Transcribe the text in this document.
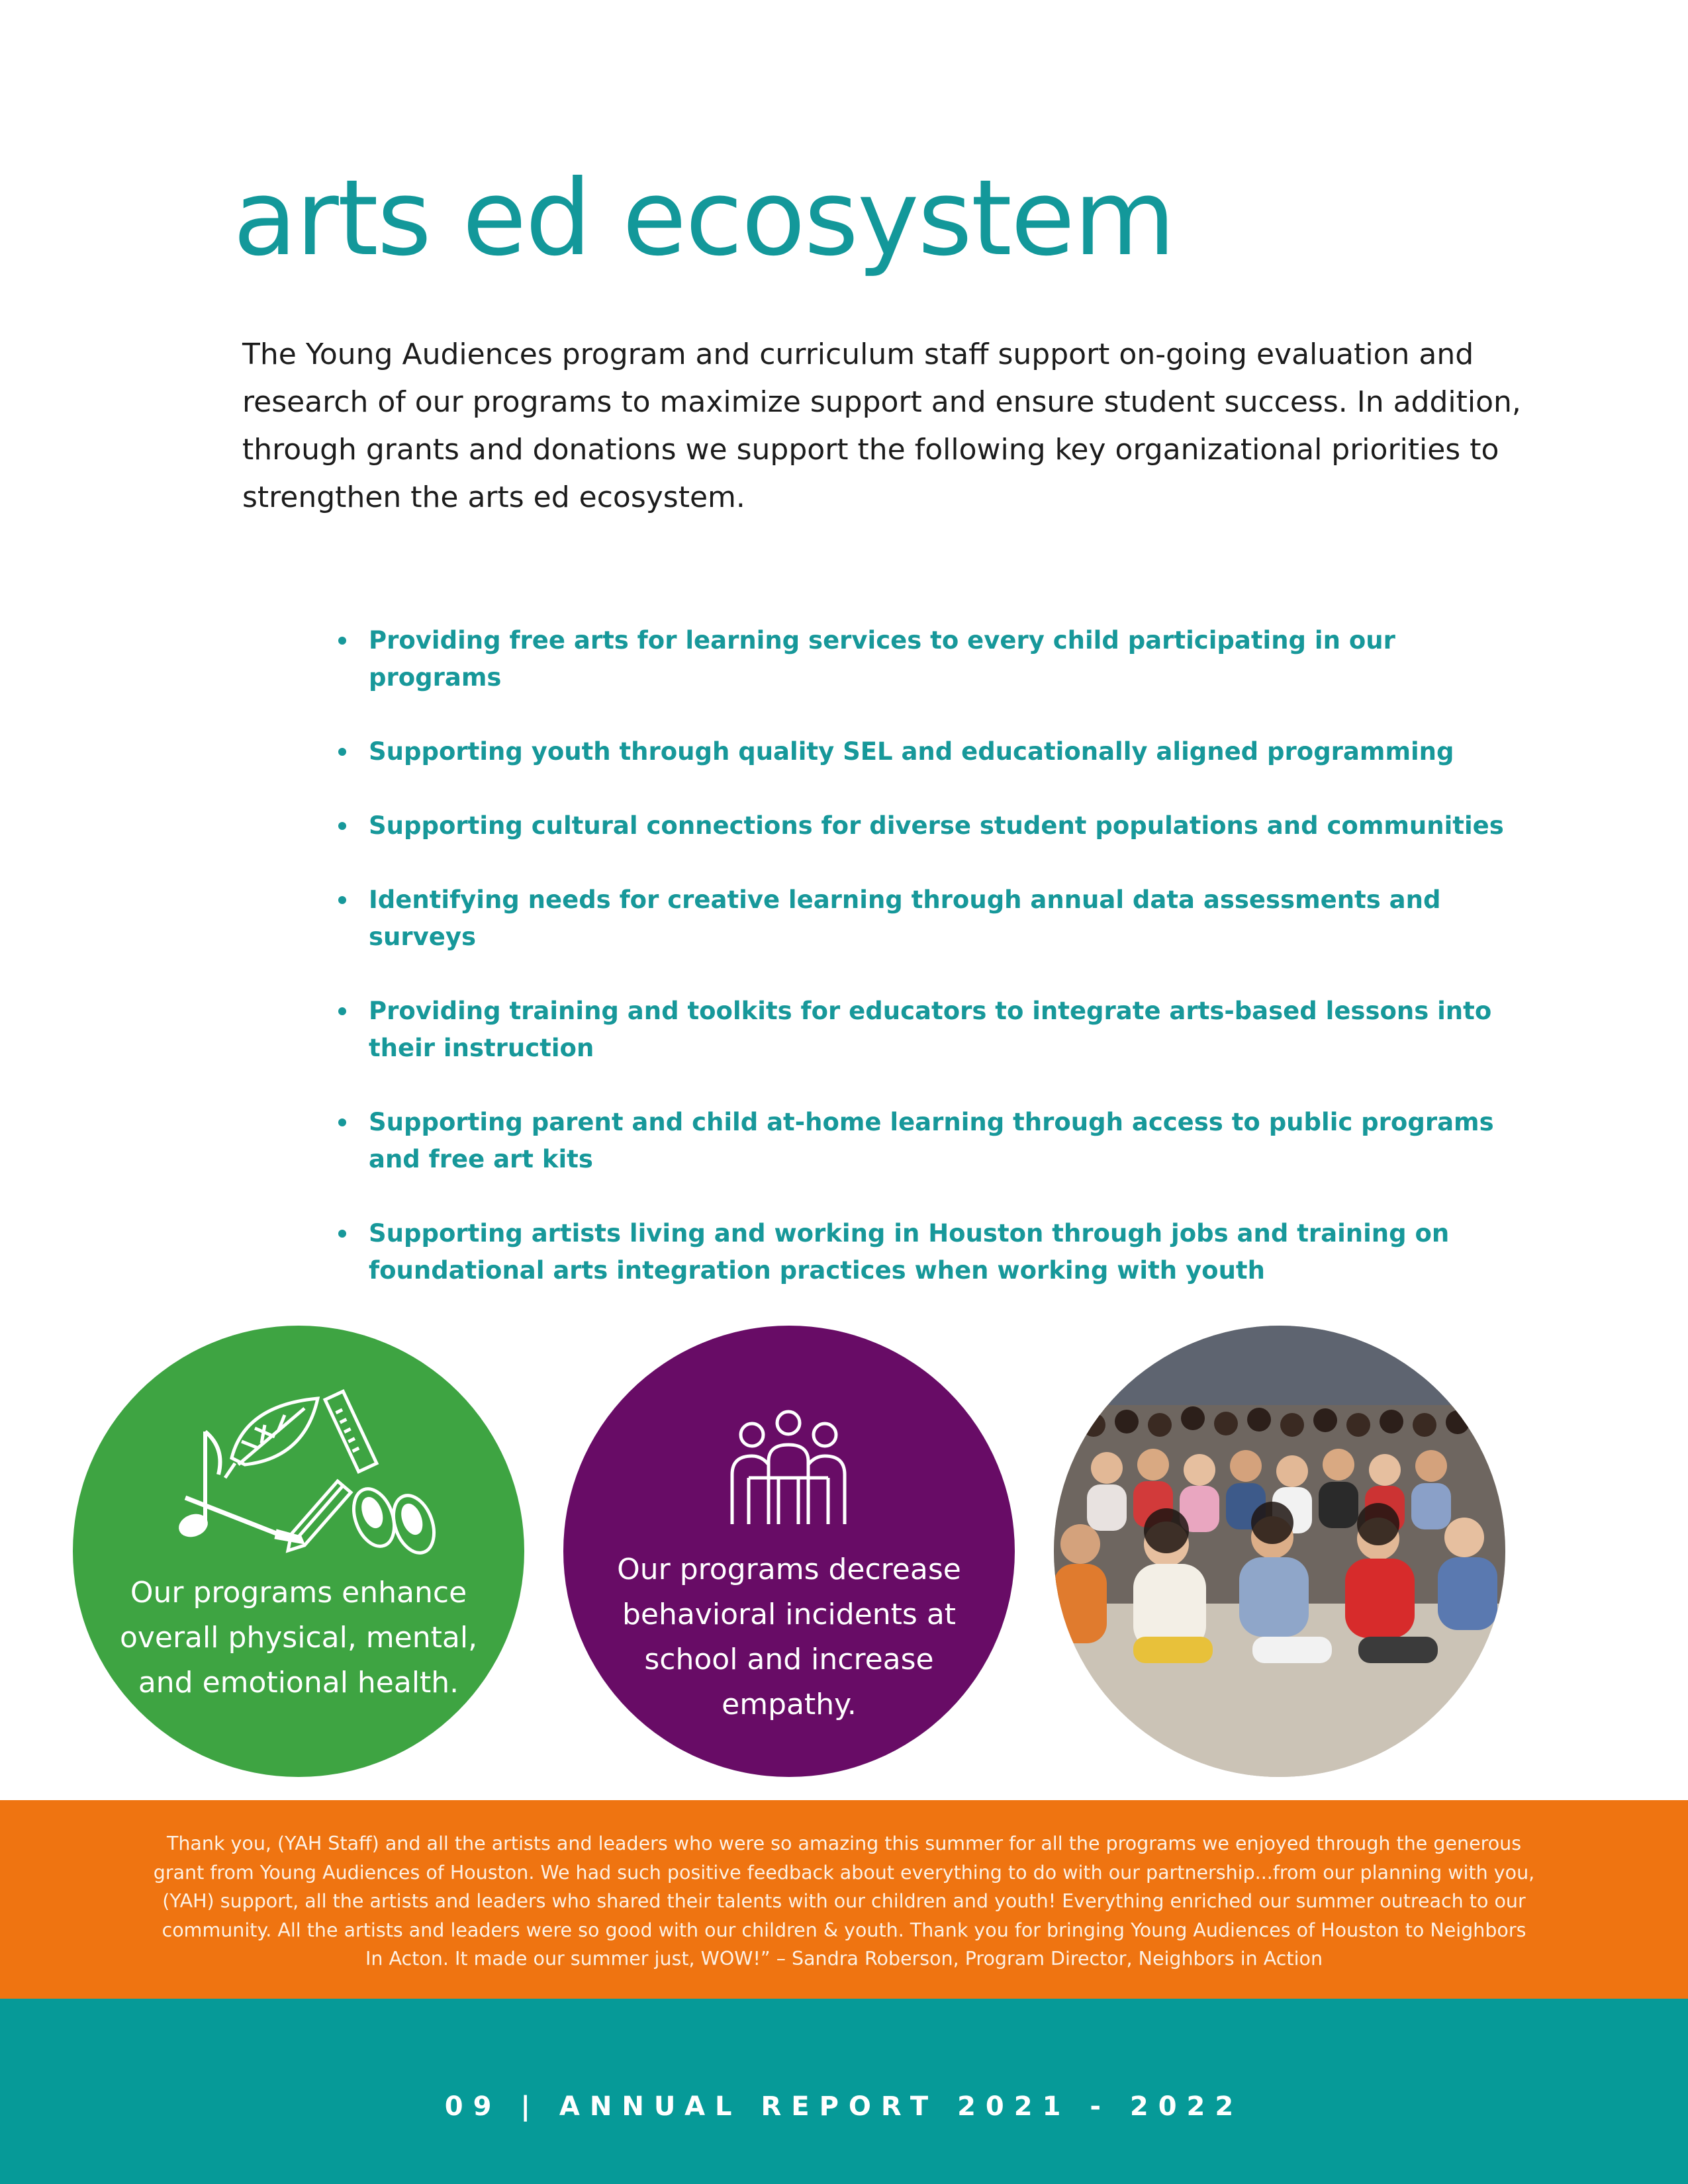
arts ed ecosystem

The Young Audiences program and curriculum staff support on-going evaluation and research of our programs to maximize support and ensure student success. In addition, through grants and donations we support the following key organizational priorities to strengthen the arts ed ecosystem.

Providing free arts for learning services to every child participating in our programs
Supporting youth through quality SEL and educationally aligned programming
Supporting cultural connections for diverse student populations and communities
Identifying needs for creative learning through annual data assessments and surveys
Providing training and toolkits for educators to integrate arts-based lessons into their instruction
Supporting parent and child at-home learning through access to public programs and free art kits
Supporting artists living and working in Houston through jobs and training on foundational arts integration practices when working with youth

Our programs enhance overall physical, mental, and emotional health.

Our programs decrease behavioral incidents at school and increase empathy.

Thank you, (YAH Staff) and all the artists and leaders who were so amazing this summer for all the programs we enjoyed through the generous grant from Young Audiences of Houston. We had such positive feedback about everything to do with our partnership...from our planning with you, (YAH) support, all the artists and leaders who shared their talents with our children and youth! Everything enriched our summer outreach to our community. All the artists and leaders were so good with our children & youth. Thank you for bringing Young Audiences of Houston to Neighbors In Acton. It made our summer just, WOW!” – Sandra Roberson, Program Director, Neighbors in Action

09 | ANNUAL REPORT 2021 - 2022
